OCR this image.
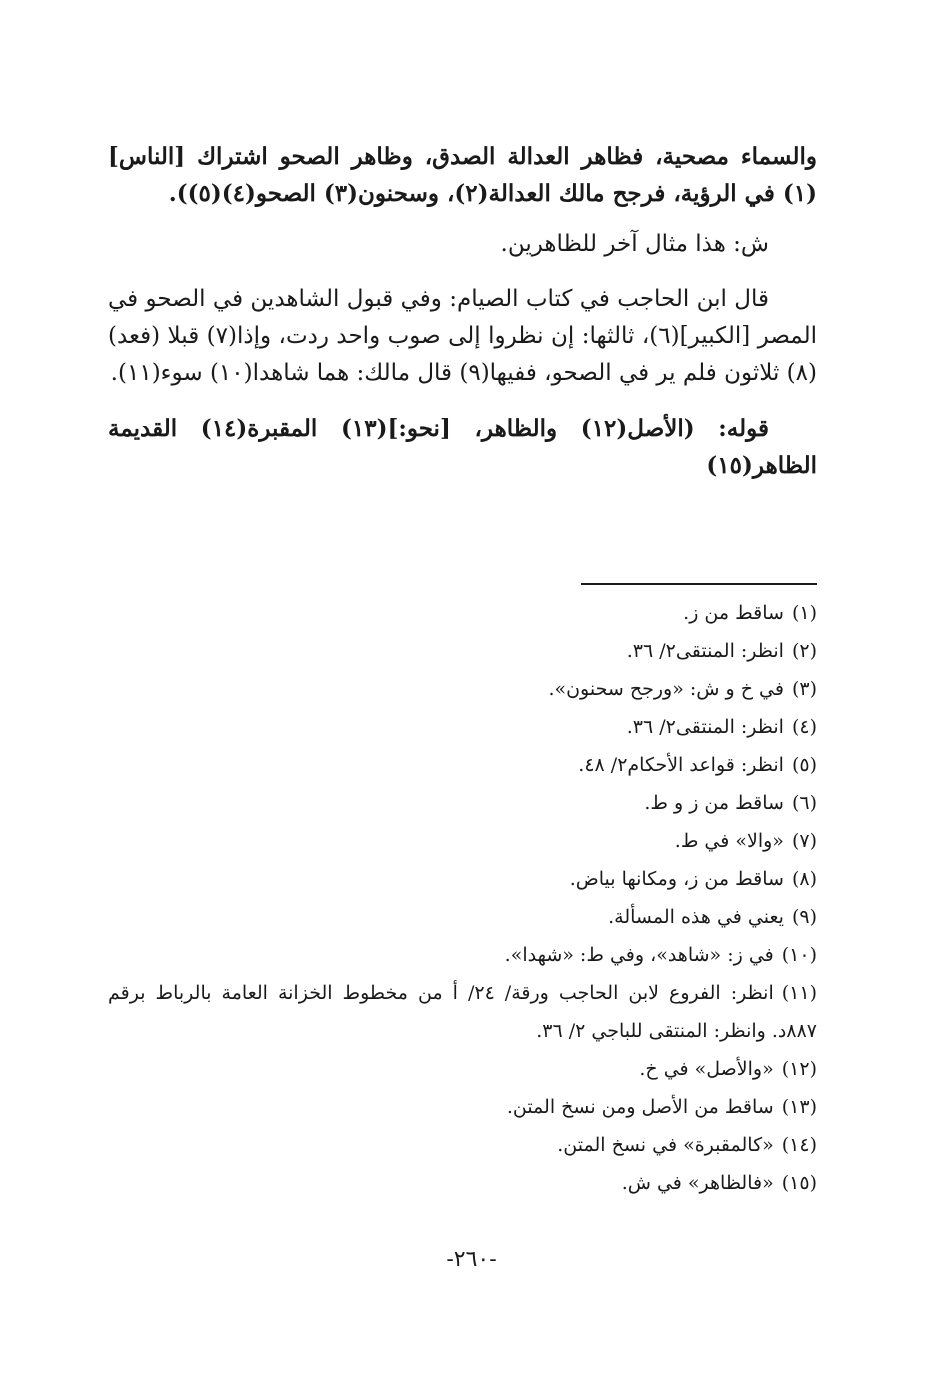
والسماء مصحية، فظاهر العدالة الصدق، وظاهر الصحو اشتراك [الناس](١) في الرؤية، فرجح مالك العدالة(٢)، وسحنون(٣) الصحو(٤)(٥)).

ش: هذا مثال آخر للظاهرين.

قال ابن الحاجب في كتاب الصيام: وفي قبول الشاهدين في الصحو في المصر [الكبير](٦)، ثالثها: إن نظروا إلى صوب واحد ردت، وإذا(٧) قبلا (فعد)(٨) ثلاثون فلم ير في الصحو، ففيها(٩) قال مالك: هما شاهدا(١٠) سوء(١١).

قوله: (الأصل(١٢) والظاهر، [نحو:](١٣) المقبرة(١٤) القديمة الظاهر(١٥)

(١)ساقط من ز.
(٢)انظر: المنتقى٢/ ٣٦.
(٣)في خ و ش: «ورجح سحنون».
(٤)انظر: المنتقى٢/ ٣٦.
(٥)انظر: قواعد الأحكام٢/ ٤٨.
(٦)ساقط من ز و ط.
(٧)«والا» في ط.
(٨)ساقط من ز، ومكانها بياض.
(٩)يعني في هذه المسألة.
(١٠)في ز: «شاهد»، وفي ط: «شهدا».
(١١)انظر: الفروع لابن الحاجب ورقة/ ٢٤/ أ من مخطوط الخزانة العامة بالرباط برقم ٨٨٧د. وانظر: المنتقى للباجي ٢/ ٣٦.
(١٢)«والأصل» في خ.
(١٣)ساقط من الأصل ومن نسخ المتن.
(١٤)«كالمقبرة» في نسخ المتن.
(١٥)«فالظاهر» في ش.
-٢٦٠-
